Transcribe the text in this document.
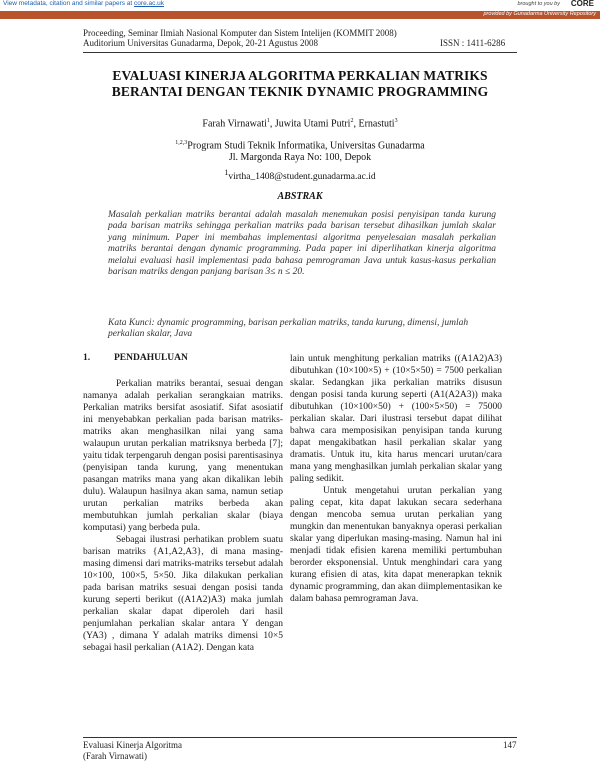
View metadata, citation and similar papers at core.ac.uk	brought to you by CORE
provided by Gunadarma University Repository
Proceeding, Seminar Ilmiah Nasional Komputer dan Sistem Intelijen (KOMMIT 2008)
Auditorium Universitas Gunadarma, Depok, 20-21 Agustus 2008	ISSN : 1411-6286
EVALUASI KINERJA ALGORITMA PERKALIAN MATRIKS
BERANTAI DENGAN TEKNIK DYNAMIC PROGRAMMING
Farah Virnawati$^1$, Juwita Utami Putri$^2$, Ernastuti$^3$
$^{1,2,3}$Program Studi Teknik Informatika, Universitas Gunadarma
Jl. Margonda Raya No: 100, Depok
$^1$virtha_1408@student.gunadarma.ac.id
ABSTRAK
Masalah perkalian matriks berantai adalah masalah menemukan posisi penyisipan tanda kurung pada barisan matriks sehingga perkalian matriks pada barisan tersebut dihasilkan jumlah skalar yang minimum. Paper ini membahas implementasi algoritma penyelesaian masalah perkalian matriks berantai dengan dynamic programming. Pada paper ini diperlihatkan kinerja algoritma melalui evaluasi hasil implementasi pada bahasa pemrograman Java untuk kasus-kasus perkalian barisan matriks dengan panjang barisan 3≤ n ≤ 20.
Kata Kunci: dynamic programming, barisan perkalian matriks, tanda kurung, dimensi, jumlah perkalian skalar, Java
1.	PENDAHULUAN

Perkalian matriks berantai, sesuai dengan namanya adalah perkalian serangkaian matriks. Perkalian matriks bersifat asosiatif. Sifat asosiatif ini menyebabkan perkalian pada barisan matriks-matriks akan menghasilkan nilai yang sama walaupun urutan perkalian matriksnya berbeda [7]; yaitu tidak terpengaruh dengan posisi parentisasinya (penyisipan tanda kurung, yang menentukan pasangan matriks mana yang akan dikalikan lebih dulu). Walaupun hasilnya akan sama, namun setiap urutan perkalian matriks berbeda akan membutuhkan jumlah perkalian skalar (biaya komputasi) yang berbeda pula.

Sebagai ilustrasi perhatikan problem suatu barisan matriks {A1,A2,A3}, di mana masing-masing dimensi dari matriks-matriks tersebut adalah 10×100, 100×5, 5×50. Jika dilakukan perkalian pada barisan matriks sesuai dengan posisi tanda kurung seperti berikut ((A1A2)A3) maka jumlah perkalian skalar dapat diperoleh dari hasil penjumlahan perkalian skalar antara Y dengan (YA3) , dimana Y adalah matriks dimensi 10×5 sebagai hasil perkalian (A1A2). Dengan kata

lain untuk menghitung perkalian matriks ((A1A2)A3) dibutuhkan (10×100×5) + (10×5×50) = 7500 perkalian skalar. Sedangkan jika perkalian matriks disusun dengan posisi tanda kurung seperti (A1(A2A3)) maka dibutuhkan (10×100×50) + (100×5×50) = 75000 perkalian skalar. Dari ilustrasi tersebut dapat dilihat bahwa cara memposisikan penyisipan tanda kurung dapat mengakibatkan hasil perkalian skalar yang dramatis. Untuk itu, kita harus mencari urutan/cara mana yang menghasilkan jumlah perkalian skalar yang paling sedikit.

Untuk mengetahui urutan perkalian yang paling cepat, kita dapat lakukan secara sederhana dengan mencoba semua urutan perkalian yang mungkin dan menentukan banyaknya operasi perkalian skalar yang diperlukan masing-masing. Namun hal ini menjadi tidak efisien karena memiliki pertumbuhan berorder eksponensial. Untuk menghindari cara yang kurang efisien di atas, kita dapat menerapkan teknik dynamic programming, dan akan diimplementasikan ke dalam bahasa pemrograman Java.

Evaluasi Kinerja Algoritma
(Farah Virnawati)
147
